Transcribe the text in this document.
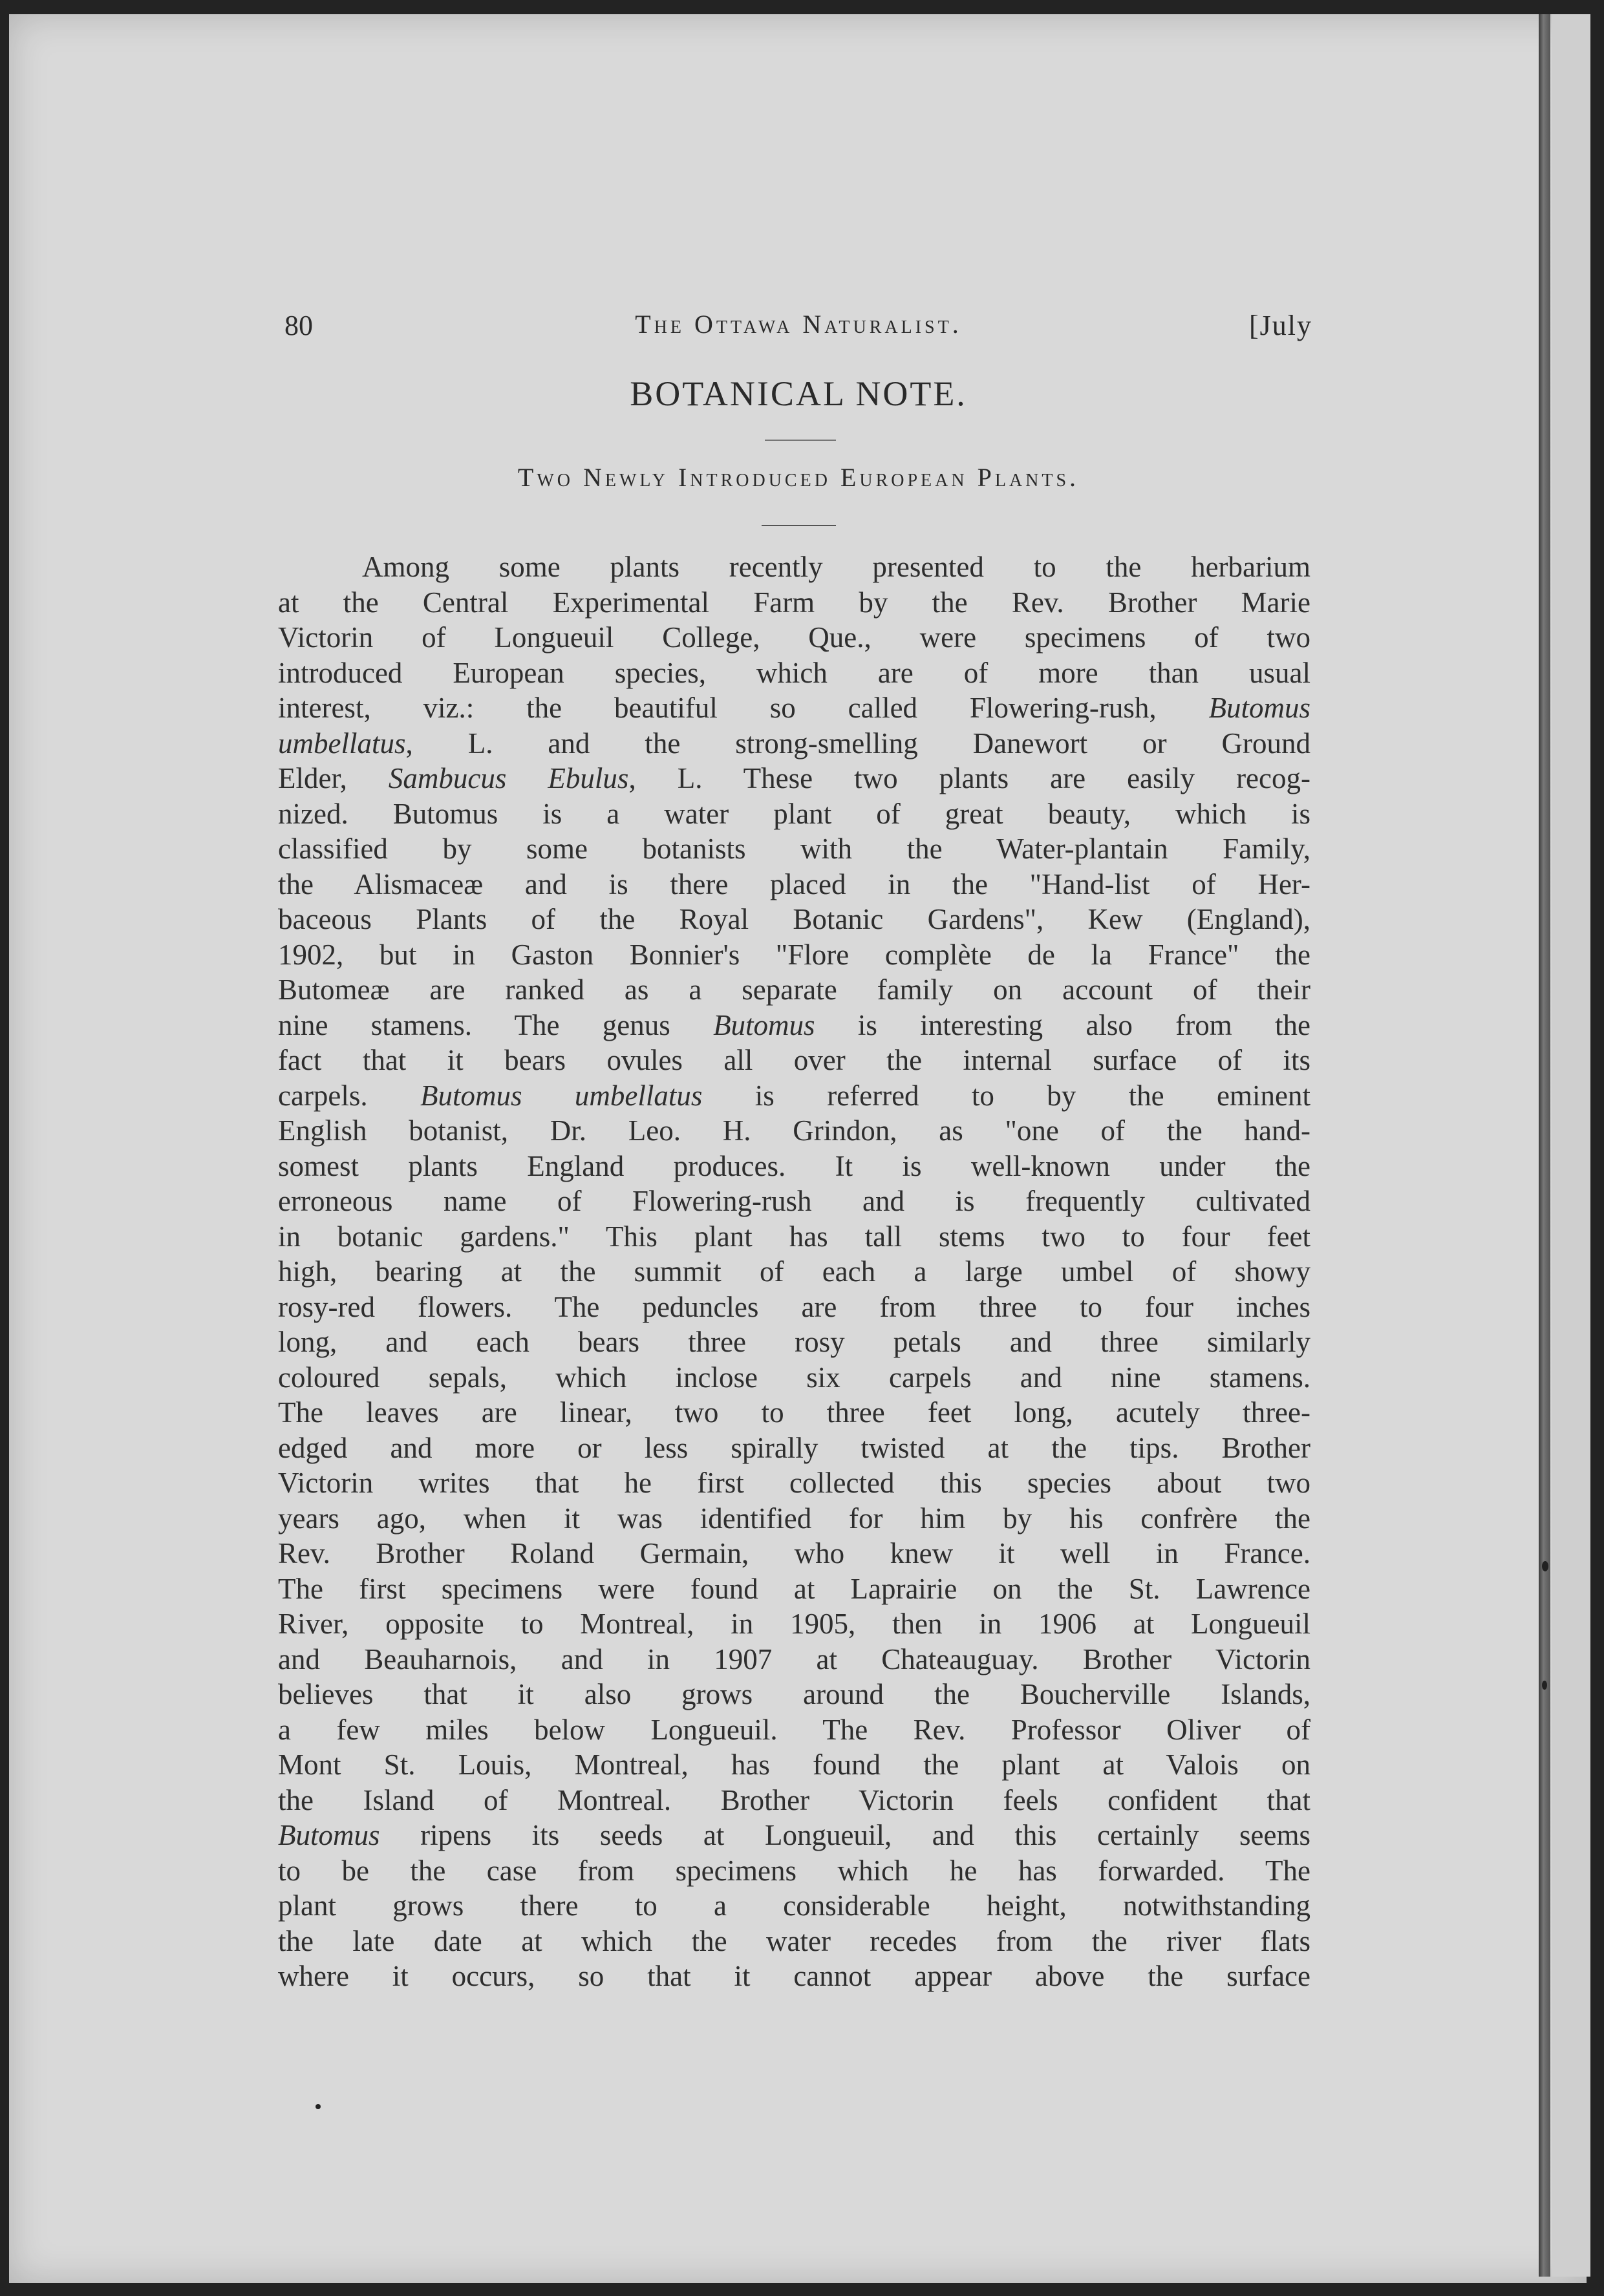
80	The Ottawa Naturalist.	[July
BOTANICAL NOTE.
Two Newly Introduced European Plants.
Among some plants recently presented to the herbarium
at the Central Experimental Farm by the Rev. Brother Marie
Victorin of Longueuil College, Que., were specimens of two
introduced European species, which are of more than usual
interest, viz.: the beautiful so called Flowering-rush, Butomus
umbellatus, L. and the strong-smelling Danewort or Ground
Elder, Sambucus Ebulus, L. These two plants are easily recog-
nized. Butomus is a water plant of great beauty, which is
classified by some botanists with the Water-plantain Family,
the Alismaceæ and is there placed in the "Hand-list of Her-
baceous Plants of the Royal Botanic Gardens", Kew (England),
1902, but in Gaston Bonnier's "Flore complète de la France" the
Butomeæ are ranked as a separate family on account of their
nine stamens. The genus Butomus is interesting also from the
fact that it bears ovules all over the internal surface of its
carpels. Butomus umbellatus is referred to by the eminent
English botanist, Dr. Leo. H. Grindon, as "one of the hand-
somest plants England produces. It is well-known under the
erroneous name of Flowering-rush and is frequently cultivated
in botanic gardens." This plant has tall stems two to four feet
high, bearing at the summit of each a large umbel of showy
rosy-red flowers. The peduncles are from three to four inches
long, and each bears three rosy petals and three similarly
coloured sepals, which inclose six carpels and nine stamens.
The leaves are linear, two to three feet long, acutely three-
edged and more or less spirally twisted at the tips. Brother
Victorin writes that he first collected this species about two
years ago, when it was identified for him by his confrère the
Rev. Brother Roland Germain, who knew it well in France.
The first specimens were found at Laprairie on the St. Lawrence
River, opposite to Montreal, in 1905, then in 1906 at Longueuil
and Beauharnois, and in 1907 at Chateauguay. Brother Victorin
believes that it also grows around the Boucherville Islands,
a few miles below Longueuil. The Rev. Professor Oliver of
Mont St. Louis, Montreal, has found the plant at Valois on
the Island of Montreal. Brother Victorin feels confident that
Butomus ripens its seeds at Longueuil, and this certainly seems
to be the case from specimens which he has forwarded. The
plant grows there to a considerable height, notwithstanding
the late date at which the water recedes from the river flats
where it occurs, so that it cannot appear above the surface
